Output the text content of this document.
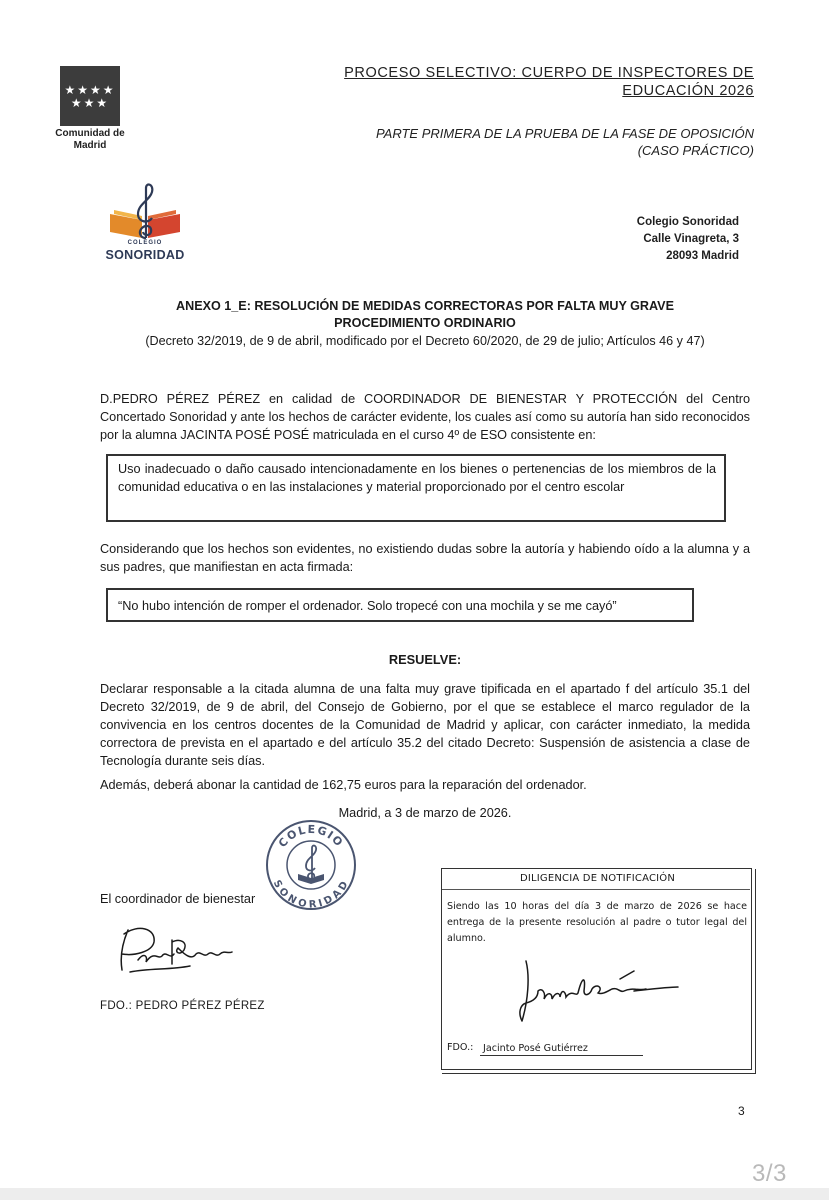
★★★★
★★★
Comunidad de Madrid
PROCESO SELECTIVO: CUERPO DE INSPECTORES DE
EDUCACIÓN 2026
PARTE PRIMERA DE LA PRUEBA DE LA FASE DE OPOSICIÓN
(CASO PRÁCTICO)
COLEGIO
SONORIDAD
Colegio Sonoridad
Calle Vinagreta, 3
28093 Madrid
ANEXO 1_E: RESOLUCIÓN DE MEDIDAS CORRECTORAS POR FALTA MUY GRAVE
PROCEDIMIENTO ORDINARIO
(Decreto 32/2019, de 9 de abril, modificado por el Decreto 60/2020, de 29 de julio; Artículos 46 y 47)
D.PEDRO PÉREZ PÉREZ en calidad de COORDINADOR DE BIENESTAR Y PROTECCIÓN del Centro Concertado Sonoridad y ante los hechos de carácter evidente, los cuales así como su autoría han sido reconocidos por la alumna JACINTA POSÉ POSÉ matriculada en el curso 4º de ESO consistente en:
Uso inadecuado o daño causado intencionadamente en los bienes o pertenencias de los miembros de la comunidad educativa o en las instalaciones y material proporcionado por el centro escolar
Considerando que los hechos son evidentes, no existiendo dudas sobre la autoría y habiendo oído a la alumna y a sus padres, que manifiestan en acta firmada:
“No hubo intención de romper el ordenador. Solo tropecé con una mochila y se me cayó”
RESUELVE:
Declarar responsable a la citada alumna de una falta muy grave tipificada en el apartado f del artículo 35.1 del Decreto 32/2019, de 9 de abril, del Consejo de Gobierno, por el que se establece el marco regulador de la convivencia en los centros docentes de la Comunidad de Madrid y aplicar, con carácter inmediato, la medida correctora de prevista en el apartado e del artículo 35.2 del citado Decreto: Suspensión de asistencia a clase de Tecnología durante seis días.
Además, deberá abonar la cantidad de 162,75 euros para la reparación del ordenador.
Madrid, a 3 de marzo de 2026.
COLEGIO
SONORIDAD
El coordinador de bienestar
FDO.: PEDRO PÉREZ PÉREZ
DILIGENCIA DE NOTIFICACIÓN
Siendo las 10 horas del día 3 de marzo de 2026 se hace entrega de la presente resolución al padre o tutor legal del alumno.
FDO.:	Jacinto Posé Gutiérrez
3
3/3
